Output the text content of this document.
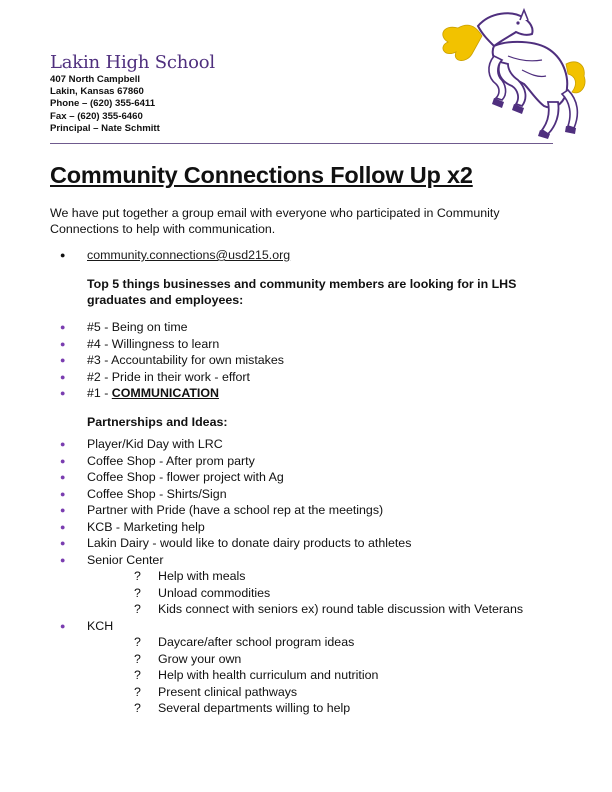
Lakin High School
407 North Campbell
Lakin, Kansas 67860
Phone – (620) 355-6411
Fax – (620) 355-6460
Principal – Nate Schmitt
Community Connections Follow Up x2

We have put together a group email with everyone who participated in Community Connections to help with communication.

●	community.connections@usd215.org

Top 5 things businesses and community members are looking for in LHS graduates and employees:

●	#5 - Being on time
●	#4 - Willingness to learn
●	#3 - Accountability for own mistakes
●	#2 - Pride in their work - effort
●	#1 - COMMUNICATION

Partnerships and Ideas:

●	Player/Kid Day with LRC
●	Coffee Shop - After prom party
●	Coffee Shop - flower project with Ag
●	Coffee Shop - Shirts/Sign
●	Partner with Pride (have a school rep at the meetings)
●	KCB - Marketing help
●	Lakin Dairy - would like to donate dairy products to athletes
●	Senior Center
? Help with meals
? Unload commodities
? Kids connect with seniors ex) round table discussion with Veterans
●	KCH
? Daycare/after school program ideas
? Grow your own
? Help with health curriculum and nutrition
? Present clinical pathways
? Several departments willing to help
